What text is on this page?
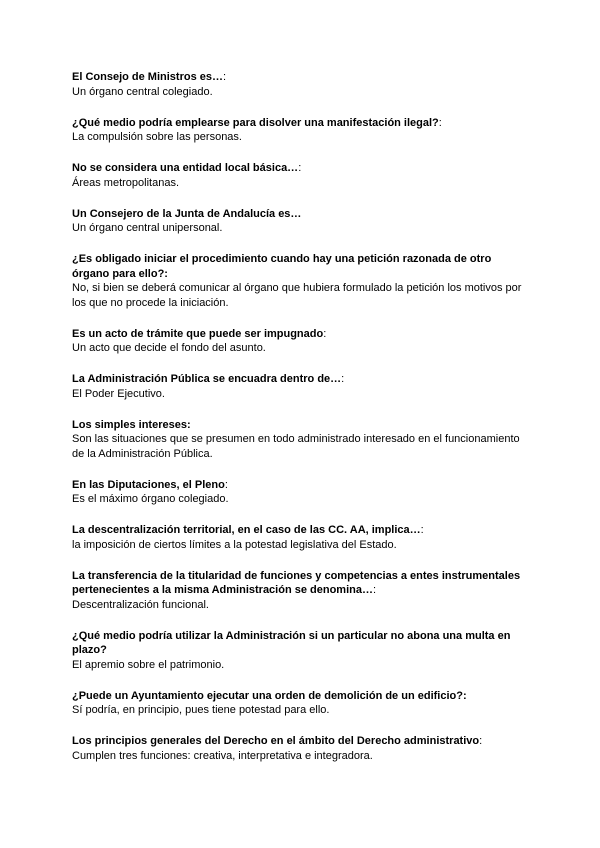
El Consejo de Ministros es…:

Un órgano central colegiado.

¿Qué medio podría emplearse para disolver una manifestación ilegal?:

La compulsión sobre las personas.

No se considera una entidad local básica…:

Áreas metropolitanas.

Un Consejero de la Junta de Andalucía es…

Un órgano central unipersonal.

¿Es obligado iniciar el procedimiento cuando hay una petición razonada de otro órgano para ello?:

No, si bien se deberá comunicar al órgano que hubiera formulado la petición los motivos por los que no procede la iniciación.

Es un acto de trámite que puede ser impugnado:

Un acto que decide el fondo del asunto.

La Administración Pública se encuadra dentro de…:

El Poder Ejecutivo.

Los simples intereses:

Son las situaciones que se presumen en todo administrado interesado en el funcionamiento de la Administración Pública.

En las Diputaciones, el Pleno:

Es el máximo órgano colegiado.

La descentralización territorial, en el caso de las CC. AA, implica…:

la imposición de ciertos límites a la potestad legislativa del Estado.

La transferencia de la titularidad de funciones y competencias a entes instrumentales pertenecientes a la misma Administración se denomina…:

Descentralización funcional.

¿Qué medio podría utilizar la Administración si un particular no abona una multa en plazo?

El apremio sobre el patrimonio.

¿Puede un Ayuntamiento ejecutar una orden de demolición de un edificio?:

Sí podría, en principio, pues tiene potestad para ello.

Los principios generales del Derecho en el ámbito del Derecho administrativo:

Cumplen tres funciones: creativa, interpretativa e integradora.
